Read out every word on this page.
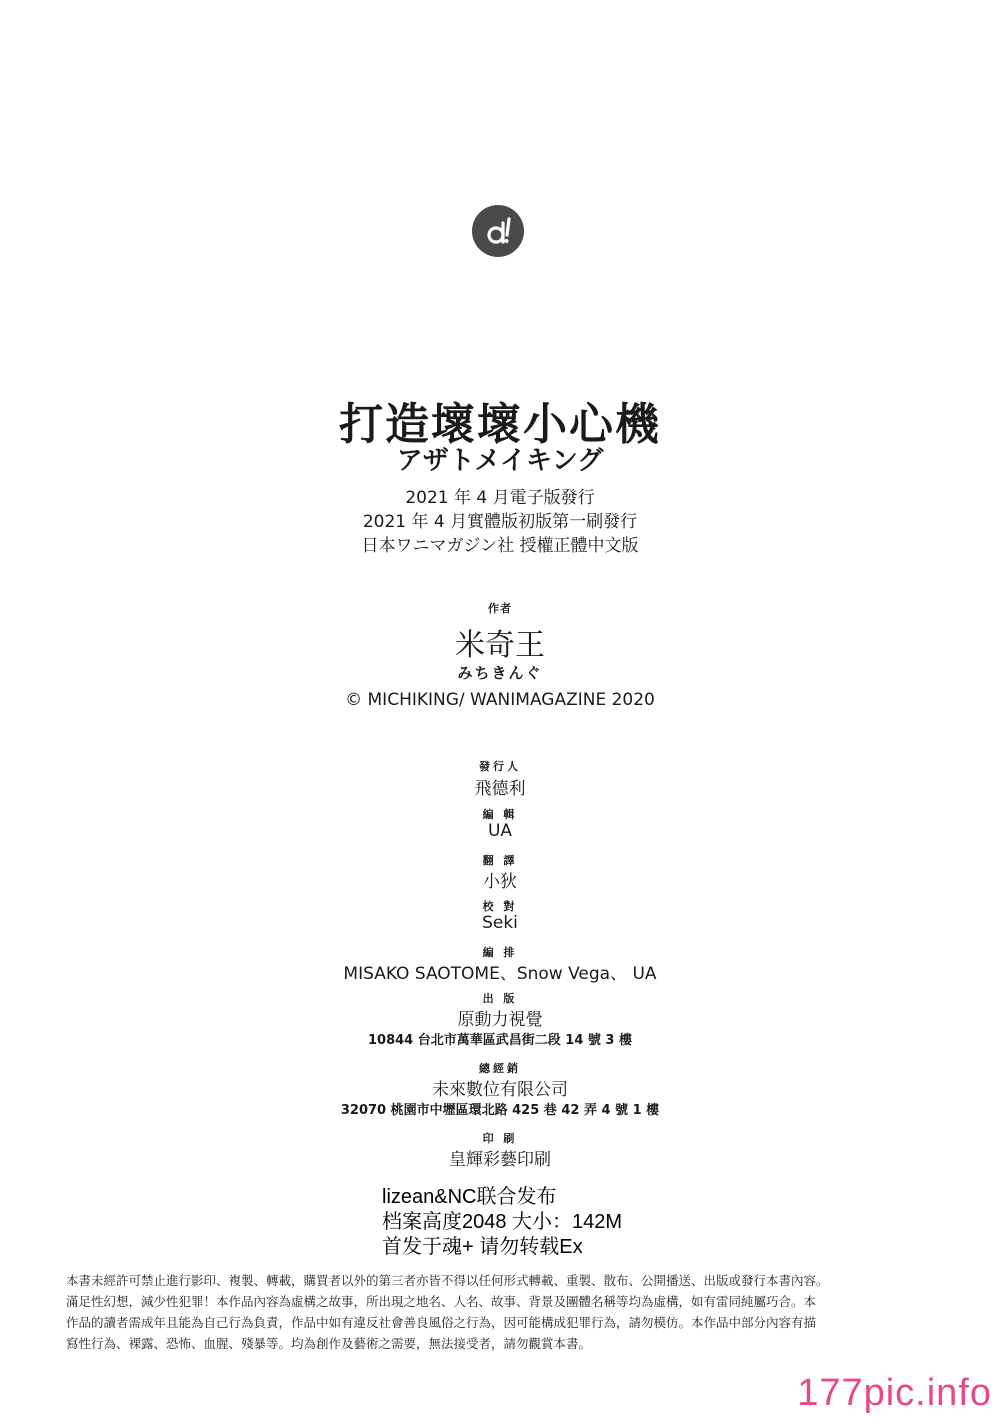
打造壞壞小心機
アザトメイキング
2021 年 4 月電子版發行
2021 年 4 月實體版初版第一刷發行
日本ワニマガジン社 授權正體中文版
作者
米奇王
みちきんぐ
© MICHIKING/ WANIMAGAZINE 2020
發行人
飛德利
編 輯
UA
翻 譯
小狄
校 對
Seki
編 排
MISAKO SAOTOME、Snow Vega、 UA
出 版
原動力視覺
10844 台北市萬華區武昌街二段 14 號 3 樓
總經銷
未來數位有限公司
32070 桃園市中壢區環北路 425 巷 42 弄 4 號 1 樓
印 刷
皇輝彩藝印刷
lizean&NC联合发布
档案高度2048 大小：142M
首发于魂+ 请勿转载Ex
本書未經許可禁止進行影印、複製、轉載，購買者以外的第三者亦皆不得以任何形式轉載、重製、散布、公開播送、出版或發行本書內容。
滿足性幻想，減少性犯罪！本作品內容為虛構之故事，所出現之地名、人名、故事、背景及團體名稱等均為虛構，如有雷同純屬巧合。本
作品的讀者需成年且能為自己行為負責，作品中如有違反社會善良風俗之行為，因可能構成犯罪行為，請勿模仿。本作品中部分內容有描
寫性行為、裸露、恐怖、血腥、殘暴等。均為創作及藝術之需要，無法接受者，請勿觀賞本書。
177pic.info
